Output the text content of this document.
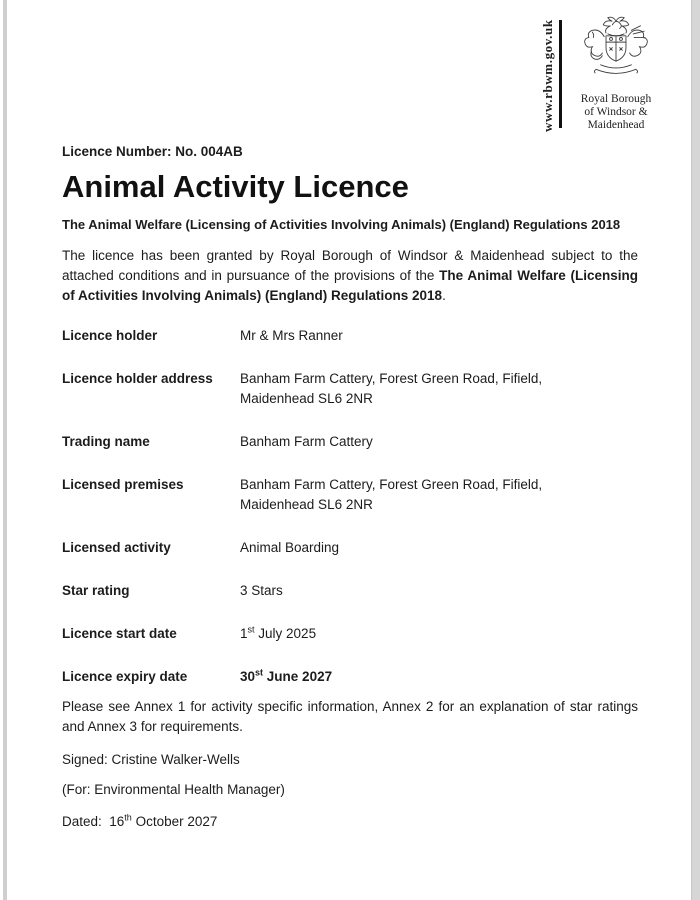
www.rbwm.gov.uk Royal Borough
of Windsor &
Maidenhead

Licence Number: No. 004AB

Animal Activity Licence

The Animal Welfare (Licensing of Activities Involving Animals) (England) Regulations 2018

The licence has been granted by Royal Borough of Windsor & Maidenhead subject to the attached conditions and in pursuance of the provisions of the The Animal Welfare (Licensing of Activities Involving Animals) (England) Regulations 2018.

Licence holder	Mr & Mrs Ranner
Licence holder address	Banham Farm Cattery, Forest Green Road, Fifield, Maidenhead SL6 2NR
Trading name	Banham Farm Cattery
Licensed premises	Banham Farm Cattery, Forest Green Road, Fifield, Maidenhead SL6 2NR
Licensed activity	Animal Boarding
Star rating	3 Stars
Licence start date	1st July 2025
Licence expiry date	30st June 2027

Please see Annex 1 for activity specific information, Annex 2 for an explanation of star ratings and Annex 3 for requirements.

Signed: Cristine Walker-Wells

(For: Environmental Health Manager)

Dated:  16th October 2027
